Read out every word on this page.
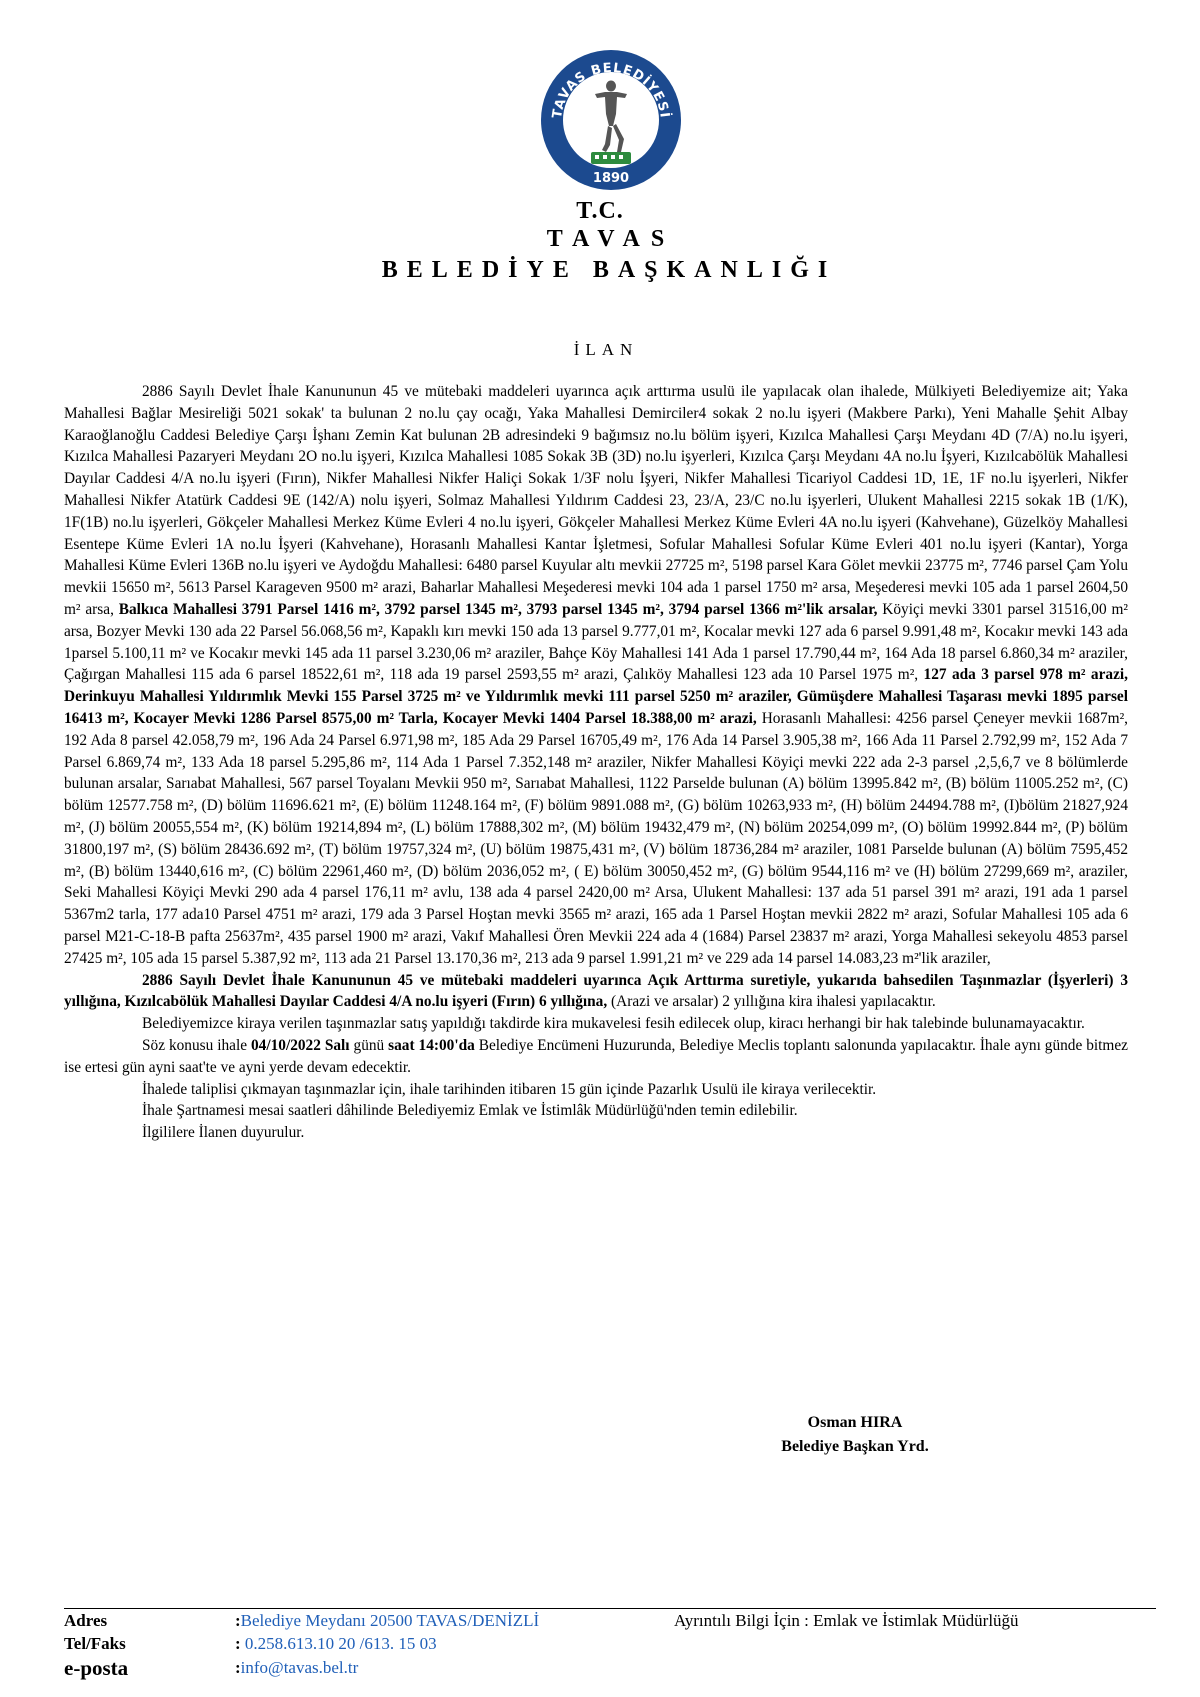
TAVAS BELEDİYESİ
1890
T.C.
TAVAS
BELEDİYE BAŞKANLIĞI
İLAN

2886 Sayılı Devlet İhale Kanununun 45 ve mütebaki maddeleri uyarınca açık arttırma usulü ile yapılacak olan ihalede, Mülkiyeti Belediyemize ait; Yaka Mahallesi Bağlar Mesireliği 5021 sokak' ta bulunan 2 no.lu çay ocağı, Yaka Mahallesi Demirciler4 sokak 2 no.lu işyeri (Makbere Parkı), Yeni Mahalle Şehit Albay Karaoğlanoğlu Caddesi Belediye Çarşı İşhanı Zemin Kat bulunan 2B adresindeki 9 bağımsız no.lu bölüm işyeri, Kızılca Mahallesi Çarşı Meydanı 4D (7/A) no.lu işyeri, Kızılca Mahallesi Pazaryeri Meydanı 2O no.lu işyeri, Kızılca Mahallesi 1085 Sokak 3B (3D) no.lu işyerleri, Kızılca Çarşı Meydanı 4A no.lu İşyeri, Kızılcabölük Mahallesi Dayılar Caddesi 4/A no.lu işyeri (Fırın), Nikfer Mahallesi Nikfer Haliçi Sokak 1/3F nolu İşyeri, Nikfer Mahallesi Ticariyol Caddesi 1D, 1E, 1F no.lu işyerleri, Nikfer Mahallesi Nikfer Atatürk Caddesi 9E (142/A) nolu işyeri, Solmaz Mahallesi Yıldırım Caddesi 23, 23/A, 23/C no.lu işyerleri, Ulukent Mahallesi 2215 sokak 1B (1/K), 1F(1B) no.lu işyerleri, Gökçeler Mahallesi Merkez Küme Evleri 4 no.lu işyeri, Gökçeler Mahallesi Merkez Küme Evleri 4A no.lu işyeri (Kahvehane), Güzelköy Mahallesi Esentepe Küme Evleri 1A no.lu İşyeri (Kahvehane), Horasanlı Mahallesi Kantar İşletmesi, Sofular Mahallesi Sofular Küme Evleri 401 no.lu işyeri (Kantar), Yorga Mahallesi Küme Evleri 136B no.lu işyeri ve Aydoğdu Mahallesi: 6480 parsel Kuyular altı mevkii 27725 m², 5198 parsel Kara Gölet mevkii 23775 m², 7746 parsel Çam Yolu mevkii 15650 m², 5613 Parsel Karageven 9500 m² arazi, Baharlar Mahallesi Meşederesi mevki 104 ada 1 parsel 1750 m² arsa, Meşederesi mevki 105 ada 1 parsel 2604,50 m² arsa, Balkıca Mahallesi 3791 Parsel 1416 m², 3792 parsel 1345 m², 3793 parsel 1345 m², 3794 parsel 1366 m²'lik arsalar, Köyiçi mevki 3301 parsel 31516,00 m² arsa, Bozyer Mevki 130 ada 22 Parsel 56.068,56 m², Kapaklı kırı mevki 150 ada 13 parsel 9.777,01 m², Kocalar mevki 127 ada 6 parsel 9.991,48 m², Kocakır mevki 143 ada 1parsel 5.100,11 m² ve Kocakır mevki 145 ada 11 parsel 3.230,06 m² araziler, Bahçe Köy Mahallesi 141 Ada 1 parsel 17.790,44 m², 164 Ada 18 parsel 6.860,34 m² araziler, Çağırgan Mahallesi 115 ada 6 parsel 18522,61 m², 118 ada 19 parsel 2593,55 m² arazi, Çalıköy Mahallesi 123 ada 10 Parsel 1975 m², 127 ada 3 parsel 978 m² arazi, Derinkuyu Mahallesi Yıldırımlık Mevki 155 Parsel 3725 m² ve Yıldırımlık mevki 111 parsel 5250 m² araziler, Gümüşdere Mahallesi Taşarası mevki 1895 parsel 16413 m², Kocayer Mevki 1286 Parsel 8575,00 m² Tarla, Kocayer Mevki 1404 Parsel 18.388,00 m² arazi, Horasanlı Mahallesi: 4256 parsel Çeneyer mevkii 1687m², 192 Ada 8 parsel 42.058,79 m², 196 Ada 24 Parsel 6.971,98 m², 185 Ada 29 Parsel 16705,49 m², 176 Ada 14 Parsel 3.905,38 m², 166 Ada 11 Parsel 2.792,99 m², 152 Ada 7 Parsel 6.869,74 m², 133 Ada 18 parsel 5.295,86 m², 114 Ada 1 Parsel 7.352,148 m² araziler, Nikfer Mahallesi Köyiçi mevki 222 ada 2-3 parsel ,2,5,6,7 ve 8 bölümlerde bulunan arsalar, Sarıabat Mahallesi, 567 parsel Toyalanı Mevkii 950 m², Sarıabat Mahallesi, 1122 Parselde bulunan (A) bölüm 13995.842 m², (B) bölüm 11005.252 m², (C) bölüm 12577.758 m², (D) bölüm 11696.621 m², (E) bölüm 11248.164 m², (F) bölüm 9891.088 m², (G) bölüm 10263,933 m², (H) bölüm 24494.788 m², (I)bölüm 21827,924 m², (J) bölüm 20055,554 m², (K) bölüm 19214,894 m², (L) bölüm 17888,302 m², (M) bölüm 19432,479 m², (N) bölüm 20254,099 m², (O) bölüm 19992.844 m², (P) bölüm 31800,197 m², (S) bölüm 28436.692 m², (T) bölüm 19757,324 m², (U) bölüm 19875,431 m², (V) bölüm 18736,284 m² araziler, 1081 Parselde bulunan (A) bölüm 7595,452 m², (B) bölüm 13440,616 m², (C) bölüm 22961,460 m², (D) bölüm 2036,052 m², ( E) bölüm 30050,452 m², (G) bölüm 9544,116 m² ve (H) bölüm 27299,669 m², araziler, Seki Mahallesi Köyiçi Mevki 290 ada 4 parsel 176,11 m² avlu, 138 ada 4 parsel 2420,00 m² Arsa, Ulukent Mahallesi: 137 ada 51 parsel 391 m² arazi, 191 ada 1 parsel 5367m2 tarla, 177 ada10 Parsel 4751 m² arazi, 179 ada 3 Parsel Hoştan mevki 3565 m² arazi, 165 ada 1 Parsel Hoştan mevkii 2822 m² arazi, Sofular Mahallesi 105 ada 6 parsel M21-C-18-B pafta 25637m², 435 parsel 1900 m² arazi, Vakıf Mahallesi Ören Mevkii 224 ada 4 (1684) Parsel 23837 m² arazi, Yorga Mahallesi sekeyolu 4853 parsel 27425 m², 105 ada 15 parsel 5.387,92 m², 113 ada 21 Parsel 13.170,36 m², 213 ada 9 parsel 1.991,21 m² ve 229 ada 14 parsel 14.083,23 m²'lik araziler,

2886 Sayılı Devlet İhale Kanununun 45 ve mütebaki maddeleri uyarınca Açık Arttırma suretiyle, yukarıda bahsedilen Taşınmazlar (İşyerleri) 3 yıllığına, Kızılcabölük Mahallesi Dayılar Caddesi 4/A no.lu işyeri (Fırın) 6 yıllığına, (Arazi ve arsalar) 2 yıllığına kira ihalesi yapılacaktır.

Belediyemizce kiraya verilen taşınmazlar satış yapıldığı takdirde kira mukavelesi fesih edilecek olup, kiracı herhangi bir hak talebinde bulunamayacaktır.

Söz konusu ihale 04/10/2022 Salı günü saat 14:00'da Belediye Encümeni Huzurunda, Belediye Meclis toplantı salonunda yapılacaktır. İhale aynı günde bitmez ise ertesi gün ayni saat'te ve ayni yerde devam edecektir.

İhalede taliplisi çıkmayan taşınmazlar için, ihale tarihinden itibaren 15 gün içinde Pazarlık Usulü ile kiraya verilecektir.

İhale Şartnamesi mesai saatleri dâhilinde Belediyemiz Emlak ve İstimlâk Müdürlüğü'nden temin edilebilir.

İlgililere İlanen duyurulur.

Osman HIRA
Belediye Başkan Yrd.
Adres	:Belediye Meydanı 20500 TAVAS/DENİZLİ	Ayrıntılı Bilgi İçin : Emlak ve İstimlak Müdürlüğü
Tel/Faks	: 0.258.613.10 20 /613. 15 03
e-posta	:info@tavas.bel.tr
